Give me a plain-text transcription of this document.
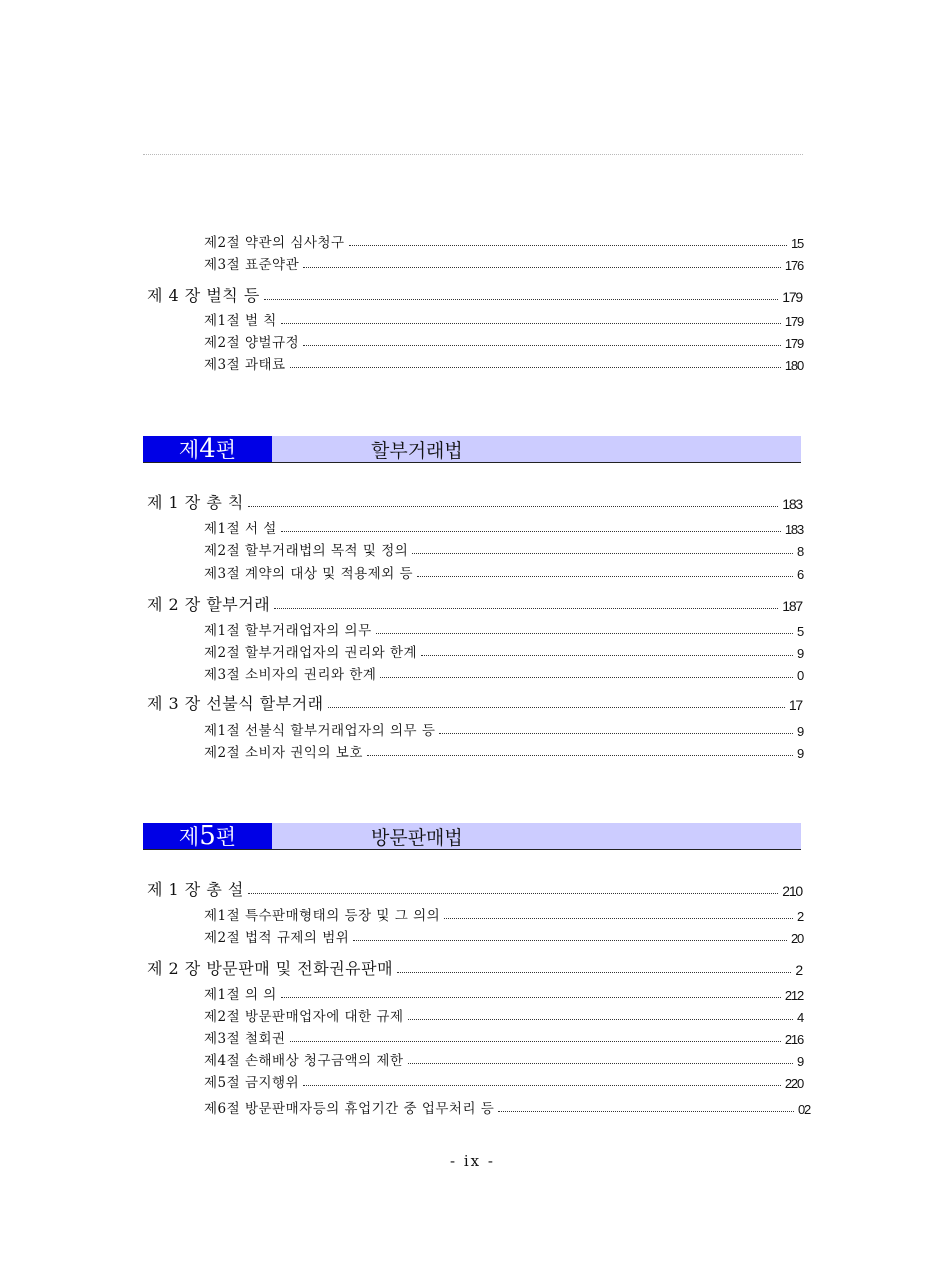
제2절 약관의 심사청구	15
제3절 표준약관	176
제 4 장 벌칙 등	179
제1절 벌 칙	179
제2절 양벌규정	179
제3절 과태료	180
제 4 편	할부거래법
제 1 장 총 칙	183
제1절 서 설	183
제2절 할부거래법의 목적 및 정의	8
제3절 계약의 대상 및 적용제외 등	6
제 2 장 할부거래	187
제1절 할부거래업자의 의무	5
제2절 할부거래업자의 권리와 한계	9
제3절 소비자의 권리와 한계	0
제 3 장 선불식 할부거래	17
제1절 선불식 할부거래업자의 의무 등	9
제2절 소비자 권익의 보호	9
제 5 편	방문판매법
제 1 장 총 설	210
제1절 특수판매형태의 등장 및 그 의의	2
제2절 법적 규제의 범위	20
제 2 장 방문판매 및 전화권유판매	2
제1절 의 의	212
제2절 방문판매업자에 대한 규제	4
제3절 철회권	216
제4절 손해배상 청구금액의 제한	9
제5절 금지행위	220
제6절 방문판매자등의 휴업기간 중 업무처리 등	02
- ix -
